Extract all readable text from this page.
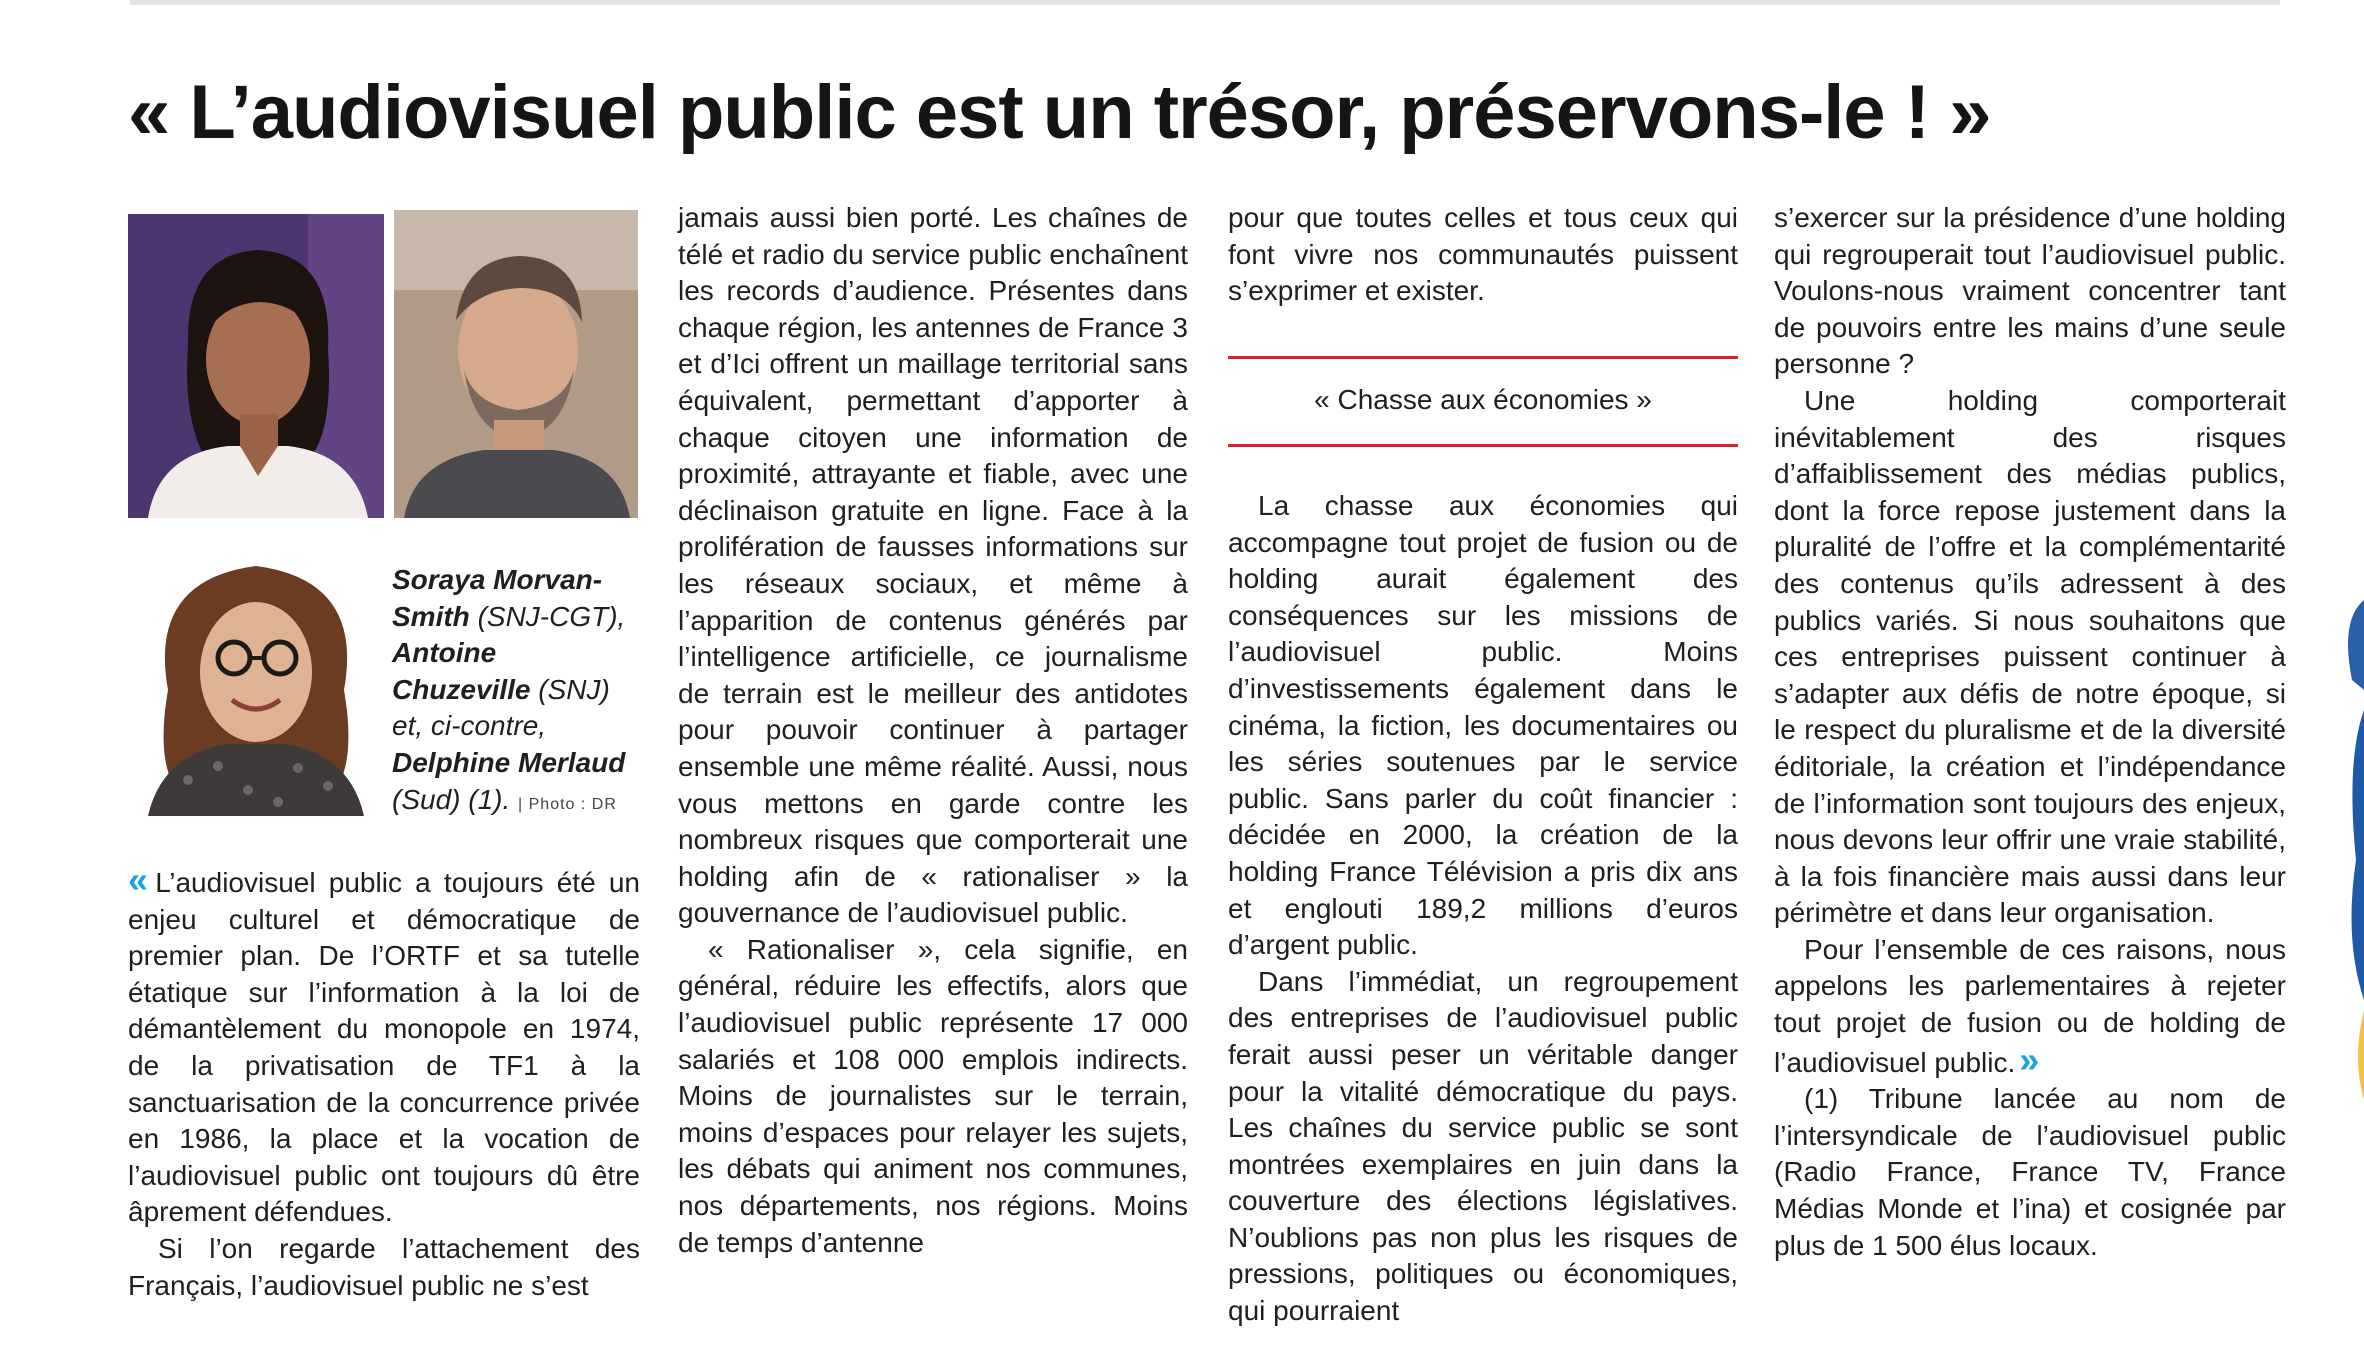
« L’audiovisuel public est un trésor, préservons-le ! »
Soraya Morvan-Smith (SNJ-CGT), Antoine Chuzeville (SNJ) et, ci-contre, Delphine Merlaud (Sud) (1). | Photo : DR

« L’audiovisuel public a toujours été un enjeu culturel et démocratique de premier plan. De l’ORTF et sa tutelle étatique sur l’information à la loi de démantèlement du monopole en 1974, de la privatisation de TF1 à la sanctuarisation de la concurrence privée en 1986, la place et la vocation de l’audiovisuel public ont toujours dû être âprement défendues.

Si l’on regarde l’attachement des Français, l’audiovisuel public ne s’est

jamais aussi bien porté. Les chaînes de télé et radio du service public enchaînent les records d’audience. Présentes dans chaque région, les antennes de France 3 et d’Ici offrent un maillage territorial sans équivalent, permettant d’apporter à chaque citoyen une information de proximité, attrayante et fiable, avec une déclinaison gratuite en ligne. Face à la prolifération de fausses informations sur les réseaux sociaux, et même à l’apparition de contenus générés par l’intelligence artificielle, ce journalisme de terrain est le meilleur des antidotes pour pouvoir continuer à partager ensemble une même réalité. Aussi, nous vous mettons en garde contre les nombreux risques que comporterait une holding afin de « rationaliser » la gouvernance de l’audiovisuel public.

« Rationaliser », cela signifie, en général, réduire les effectifs, alors que l’audiovisuel public représente 17 000 salariés et 108 000 emplois indirects. Moins de journalistes sur le terrain, moins d’espaces pour relayer les sujets, les débats qui animent nos communes, nos départements, nos régions. Moins de temps d’antenne

pour que toutes celles et tous ceux qui font vivre nos communautés puissent s’exprimer et exister.

« Chasse aux économies »

La chasse aux économies qui accompagne tout projet de fusion ou de holding aurait également des conséquences sur les missions de l’audiovisuel public. Moins d’investissements également dans le cinéma, la fiction, les documentaires ou les séries soutenues par le service public. Sans parler du coût financier : décidée en 2000, la création de la holding France Télévision a pris dix ans et englouti 189,2 millions d’euros d’argent public.

Dans l’immédiat, un regroupement des entreprises de l’audiovisuel public ferait aussi peser un véritable danger pour la vitalité démocratique du pays. Les chaînes du service public se sont montrées exemplaires en juin dans la couverture des élections législatives. N’oublions pas non plus les risques de pressions, politiques ou économiques, qui pourraient

s’exercer sur la présidence d’une holding qui regrouperait tout l’audiovisuel public. Voulons-nous vraiment concentrer tant de pouvoirs entre les mains d’une seule personne ?

Une holding comporterait inévitablement des risques d’affaiblissement des médias publics, dont la force repose justement dans la pluralité de l’offre et la complémentarité des contenus qu’ils adressent à des publics variés. Si nous souhaitons que ces entreprises puissent continuer à s’adapter aux défis de notre époque, si le respect du pluralisme et de la diversité éditoriale, la création et l’indépendance de l’information sont toujours des enjeux, nous devons leur offrir une vraie stabilité, à la fois financière mais aussi dans leur périmètre et dans leur organisation.

Pour l’ensemble de ces raisons, nous appelons les parlementaires à rejeter tout projet de fusion ou de holding de l’audiovisuel public. »

(1) Tribune lancée au nom de l’intersyndicale de l’audiovisuel public (Radio France, France TV, France Médias Monde et l’ina) et cosignée par plus de 1 500 élus locaux.
